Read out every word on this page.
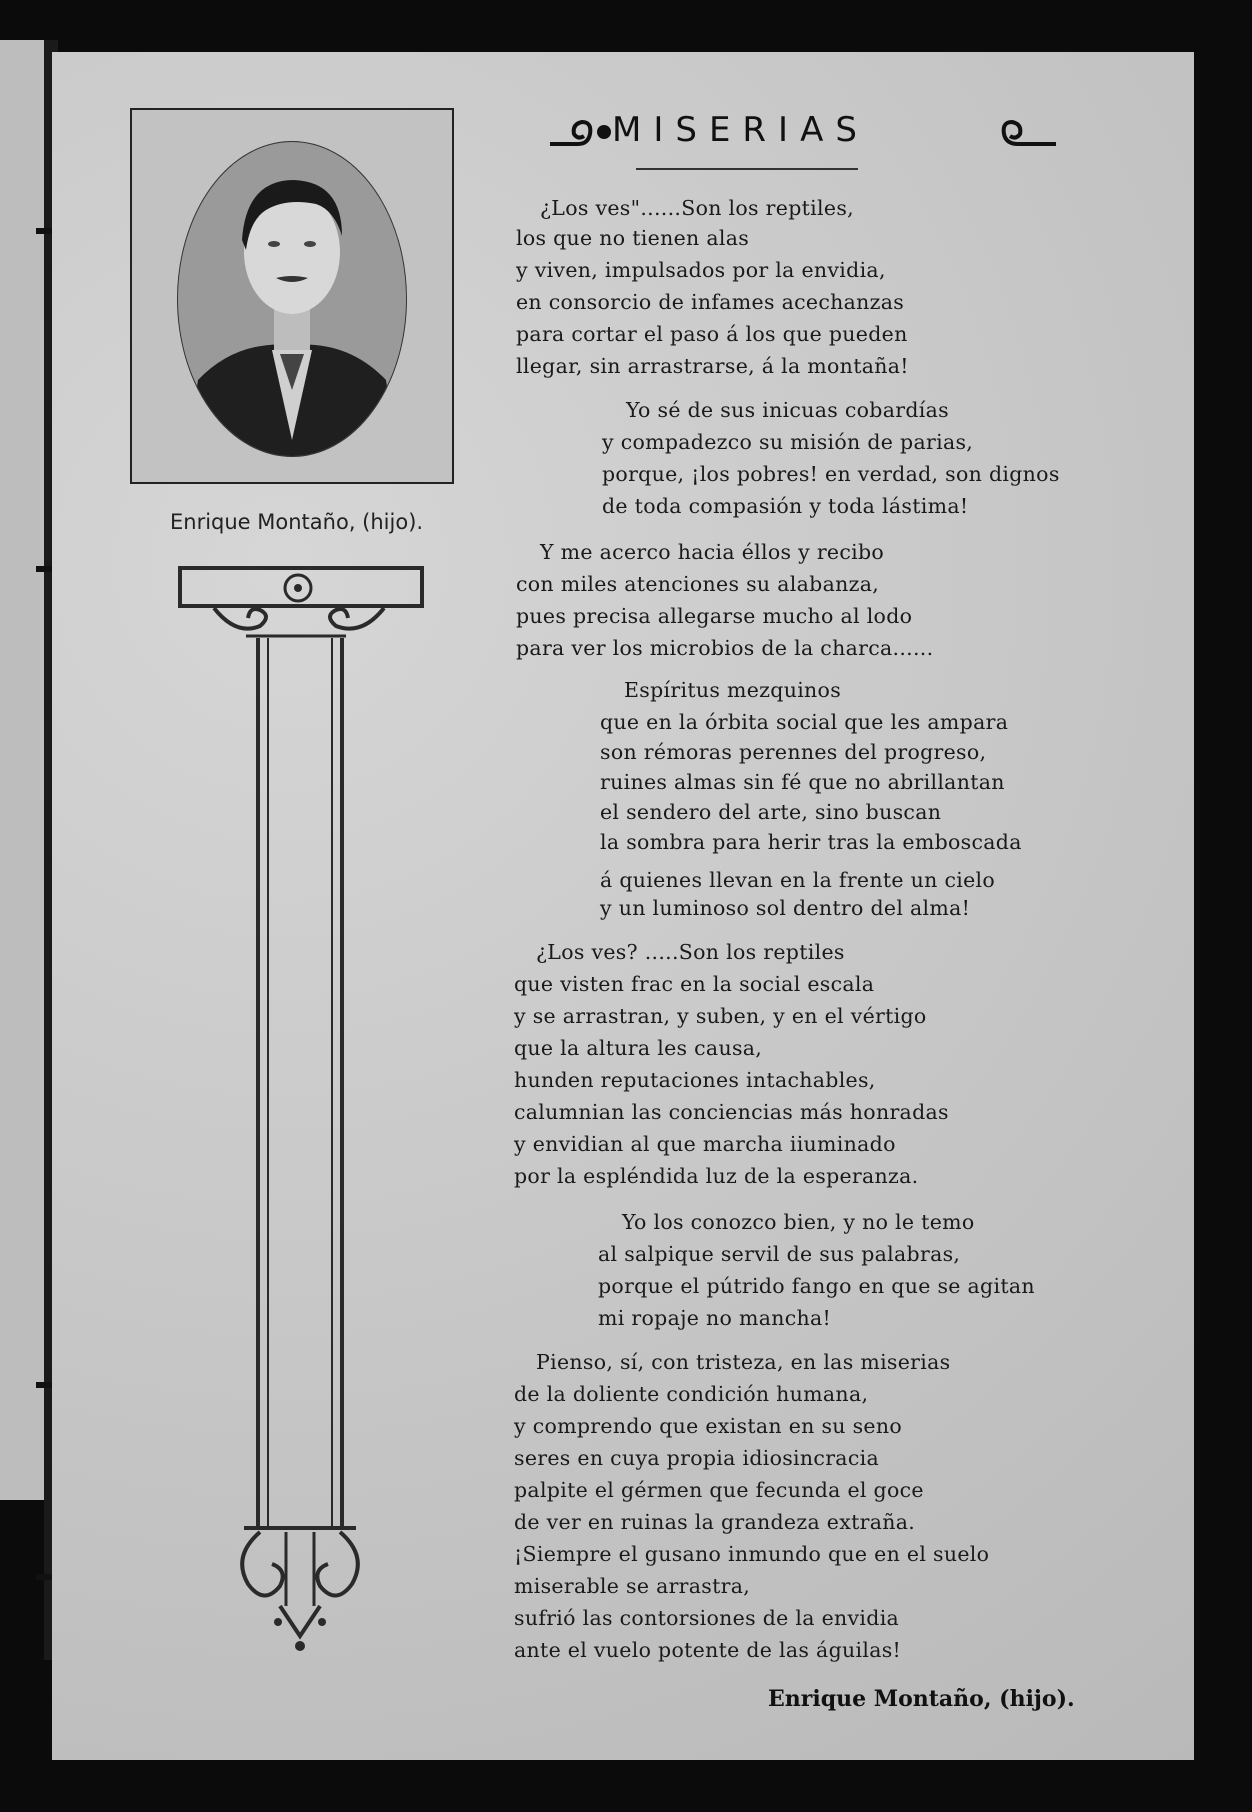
Enrique Montaño, (hijo).
MISERIAS
¿Los ves"......Son los reptiles,
los que no tienen alas
y viven, impulsados por la envidia,
en consorcio de infames acechanzas
para cortar el paso á los que pueden
llegar, sin arrastrarse, á la montaña!
Yo sé de sus inicuas cobardías
y compadezco su misión de parias,
porque, ¡los pobres! en verdad, son dignos
de toda compasión y toda lástima!
Y me acerco hacia éllos y recibo
con miles atenciones su alabanza,
pues precisa allegarse mucho al lodo
para ver los microbios de la charca......
Espíritus mezquinos
que en la órbita social que les ampara
son rémoras perennes del progreso,
ruines almas sin fé que no abrillantan
el sendero del arte, sino buscan
la sombra para herir tras la emboscada
á quienes llevan en la frente un cielo
y un luminoso sol dentro del alma!
¿Los ves? .....Son los reptiles
que visten frac en la social escala
y se arrastran, y suben, y en el vértigo
que la altura les causa,
hunden reputaciones intachables,
calumnian las conciencias más honradas
y envidian al que marcha iiuminado
por la espléndida luz de la esperanza.
Yo los conozco bien, y no le temo
al salpique servil de sus palabras,
porque el pútrido fango en que se agitan
mi ropaje no mancha!
Pienso, sí, con tristeza, en las miserias
de la doliente condición humana,
y comprendo que existan en su seno
seres en cuya propia idiosincracia
palpite el gérmen que fecunda el goce
de ver en ruinas la grandeza extraña.
¡Siempre el gusano inmundo que en el suelo
miserable se arrastra,
sufrió las contorsiones de la envidia
ante el vuelo potente de las águilas!
Enrique Montaño, (hijo).
